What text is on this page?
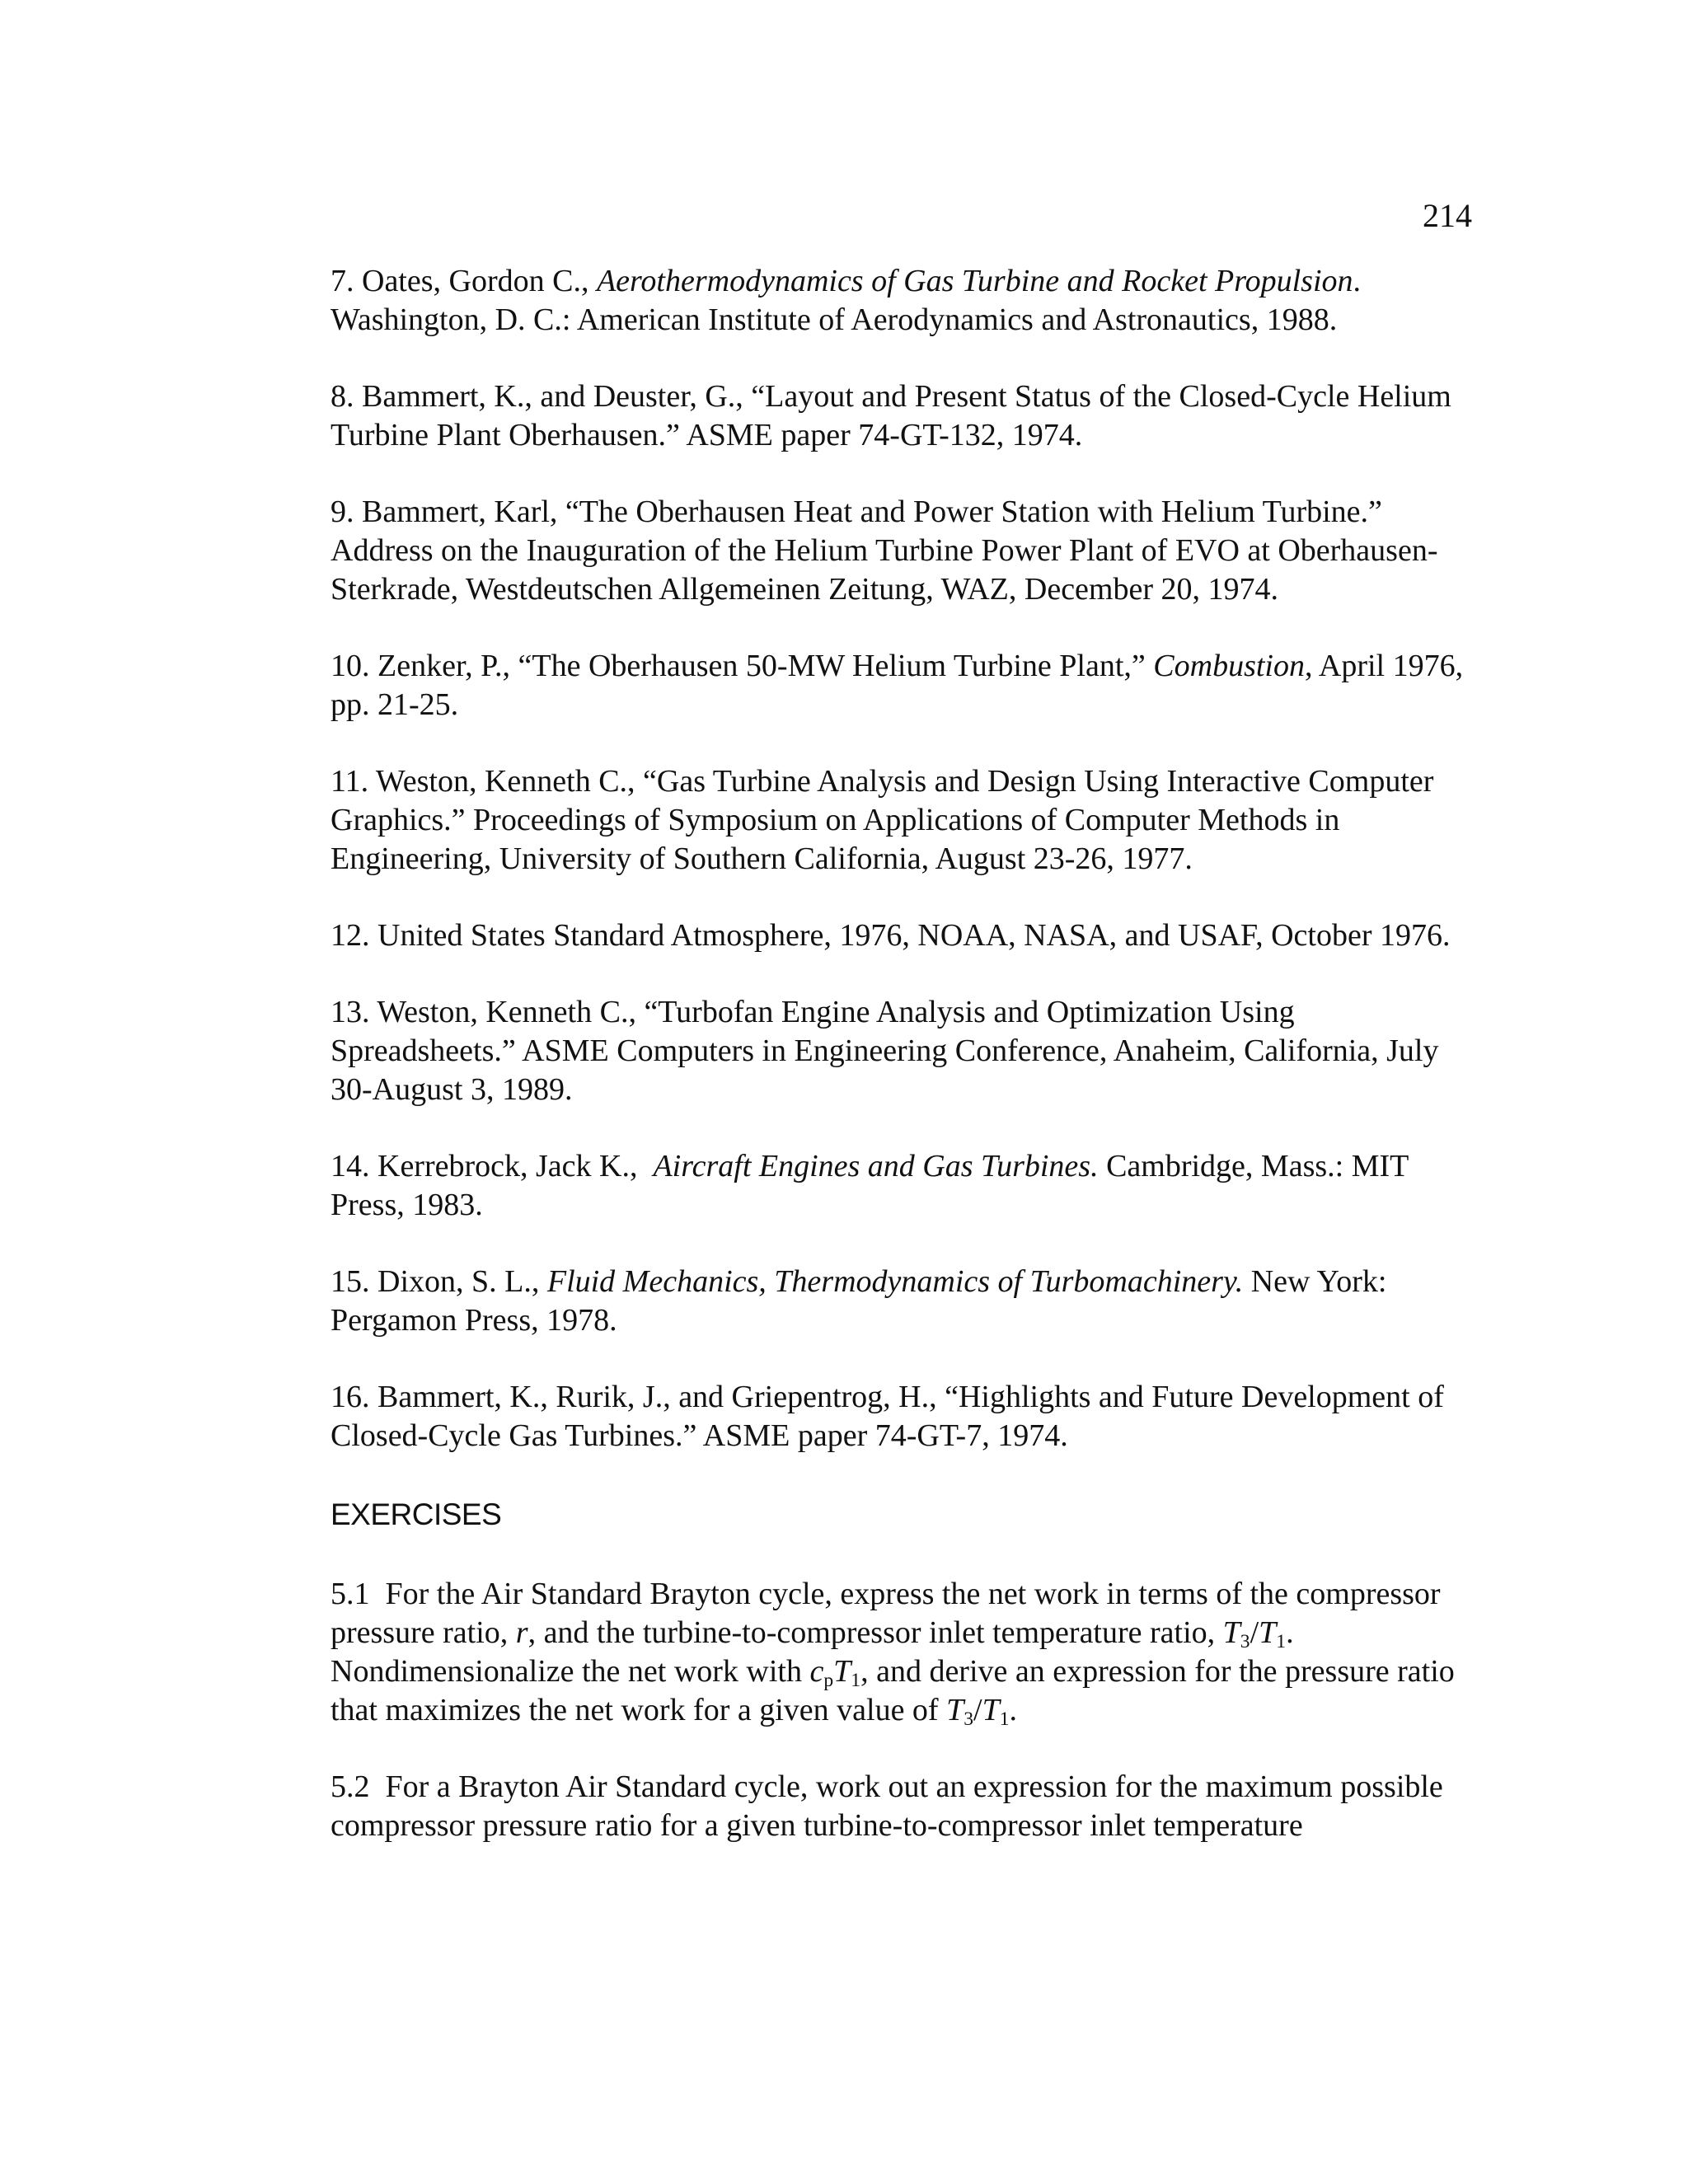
214

7. Oates, Gordon C., Aerothermodynamics of Gas Turbine and Rocket Propulsion. Washington, D. C.: American Institute of Aerodynamics and Astronautics, 1988.

8. Bammert, K., and Deuster, G., “Layout and Present Status of the Closed-Cycle Helium Turbine Plant Oberhausen.” ASME paper 74-GT-132, 1974.

9. Bammert, Karl, “The Oberhausen Heat and Power Station with Helium Turbine.” Address on the Inauguration of the Helium Turbine Power Plant of EVO at Oberhausen-Sterkrade, Westdeutschen Allgemeinen Zeitung, WAZ, December 20, 1974.

10. Zenker, P., “The Oberhausen 50-MW Helium Turbine Plant,” Combustion, April 1976, pp. 21-25.

11. Weston, Kenneth C., “Gas Turbine Analysis and Design Using Interactive Computer Graphics.” Proceedings of Symposium on Applications of Computer Methods in Engineering, University of Southern California, August 23-26, 1977.

12. United States Standard Atmosphere, 1976, NOAA, NASA, and USAF, October 1976.

13. Weston, Kenneth C., “Turbofan Engine Analysis and Optimization Using Spreadsheets.” ASME Computers in Engineering Conference, Anaheim, California, July 30-August 3, 1989.

14. Kerrebrock, Jack K.,  Aircraft Engines and Gas Turbines. Cambridge, Mass.: MIT Press, 1983.

15. Dixon, S. L., Fluid Mechanics, Thermodynamics of Turbomachinery. New York: Pergamon Press, 1978.

16. Bammert, K., Rurik, J., and Griepentrog, H., “Highlights and Future Development of Closed-Cycle Gas Turbines.” ASME paper 74-GT-7, 1974.

EXERCISES

5.1 For the Air Standard Brayton cycle, express the net work in terms of the compressor pressure ratio, r, and the turbine-to-compressor inlet temperature ratio, $T_3/T_1$. Nondimensionalize the net work with $c_pT_1$, and derive an expression for the pressure ratio that maximizes the net work for a given value of $T_3/T_1$.

5.2 For a Brayton Air Standard cycle, work out an expression for the maximum possible compressor pressure ratio for a given turbine-to-compressor inlet temperature
